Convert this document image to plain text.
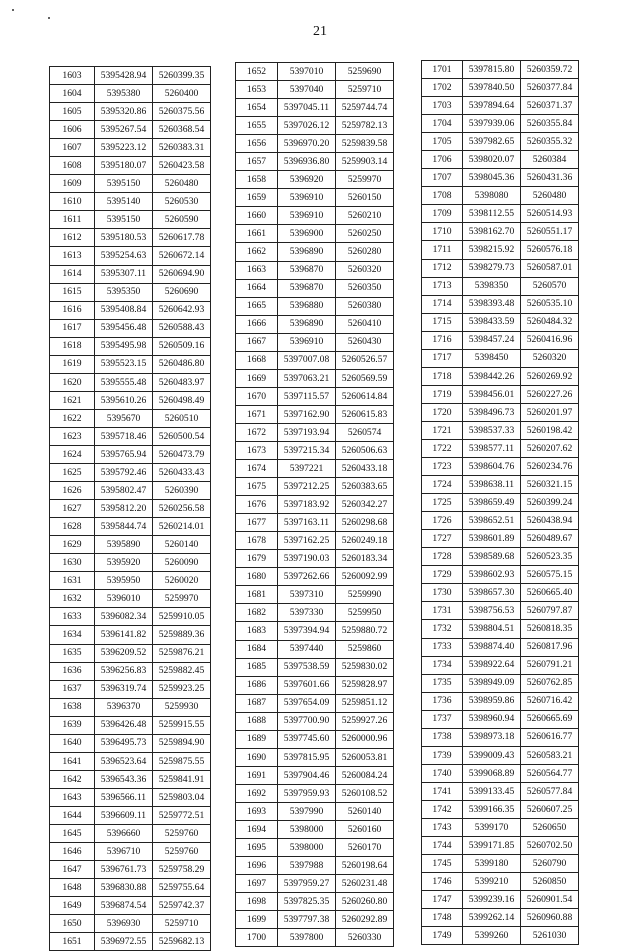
21
1603	5395428.94	5260399.35
1604	5395380	5260400
1605	5395320.86	5260375.56
1606	5395267.54	5260368.54
1607	5395223.12	5260383.31
1608	5395180.07	5260423.58
1609	5395150	5260480
1610	5395140	5260530
1611	5395150	5260590
1612	5395180.53	5260617.78
1613	5395254.63	5260672.14
1614	5395307.11	5260694.90
1615	5395350	5260690
1616	5395408.84	5260642.93
1617	5395456.48	5260588.43
1618	5395495.98	5260509.16
1619	5395523.15	5260486.80
1620	5395555.48	5260483.97
1621	5395610.26	5260498.49
1622	5395670	5260510
1623	5395718.46	5260500.54
1624	5395765.94	5260473.79
1625	5395792.46	5260433.43
1626	5395802.47	5260390
1627	5395812.20	5260256.58
1628	5395844.74	5260214.01
1629	5395890	5260140
1630	5395920	5260090
1631	5395950	5260020
1632	5396010	5259970
1633	5396082.34	5259910.05
1634	5396141.82	5259889.36
1635	5396209.52	5259876.21
1636	5396256.83	5259882.45
1637	5396319.74	5259923.25
1638	5396370	5259930
1639	5396426.48	5259915.55
1640	5396495.73	5259894.90
1641	5396523.64	5259875.55
1642	5396543.36	5259841.91
1643	5396566.11	5259803.04
1644	5396609.11	5259772.51
1645	5396660	5259760
1646	5396710	5259760
1647	5396761.73	5259758.29
1648	5396830.88	5259755.64
1649	5396874.54	5259742.37
1650	5396930	5259710
1651	5396972.55	5259682.13
1652	5397010	5259690
1653	5397040	5259710
1654	5397045.11	5259744.74
1655	5397026.12	5259782.13
1656	5396970.20	5259839.58
1657	5396936.80	5259903.14
1658	5396920	5259970
1659	5396910	5260150
1660	5396910	5260210
1661	5396900	5260250
1662	5396890	5260280
1663	5396870	5260320
1664	5396870	5260350
1665	5396880	5260380
1666	5396890	5260410
1667	5396910	5260430
1668	5397007.08	5260526.57
1669	5397063.21	5260569.59
1670	5397115.57	5260614.84
1671	5397162.90	5260615.83
1672	5397193.94	5260574
1673	5397215.34	5260506.63
1674	5397221	5260433.18
1675	5397212.25	5260383.65
1676	5397183.92	5260342.27
1677	5397163.11	5260298.68
1678	5397162.25	5260249.18
1679	5397190.03	5260183.34
1680	5397262.66	5260092.99
1681	5397310	5259990
1682	5397330	5259950
1683	5397394.94	5259880.72
1684	5397440	5259860
1685	5397538.59	5259830.02
1686	5397601.66	5259828.97
1687	5397654.09	5259851.12
1688	5397700.90	5259927.26
1689	5397745.60	5260000.96
1690	5397815.95	5260053.81
1691	5397904.46	5260084.24
1692	5397959.93	5260108.52
1693	5397990	5260140
1694	5398000	5260160
1695	5398000	5260170
1696	5397988	5260198.64
1697	5397959.27	5260231.48
1698	5397825.35	5260260.80
1699	5397797.38	5260292.89
1700	5397800	5260330
1701	5397815.80	5260359.72
1702	5397840.50	5260377.84
1703	5397894.64	5260371.37
1704	5397939.06	5260355.84
1705	5397982.65	5260355.32
1706	5398020.07	5260384
1707	5398045.36	5260431.36
1708	5398080	5260480
1709	5398112.55	5260514.93
1710	5398162.70	5260551.17
1711	5398215.92	5260576.18
1712	5398279.73	5260587.01
1713	5398350	5260570
1714	5398393.48	5260535.10
1715	5398433.59	5260484.32
1716	5398457.24	5260416.96
1717	5398450	5260320
1718	5398442.26	5260269.92
1719	5398456.01	5260227.26
1720	5398496.73	5260201.97
1721	5398537.33	5260198.42
1722	5398577.11	5260207.62
1723	5398604.76	5260234.76
1724	5398638.11	5260321.15
1725	5398659.49	5260399.24
1726	5398652.51	5260438.94
1727	5398601.89	5260489.67
1728	5398589.68	5260523.35
1729	5398602.93	5260575.15
1730	5398657.30	5260665.40
1731	5398756.53	5260797.87
1732	5398804.51	5260818.35
1733	5398874.40	5260817.96
1734	5398922.64	5260791.21
1735	5398949.09	5260762.85
1736	5398959.86	5260716.42
1737	5398960.94	5260665.69
1738	5398973.18	5260616.77
1739	5399009.43	5260583.21
1740	5399068.89	5260564.77
1741	5399133.45	5260577.84
1742	5399166.35	5260607.25
1743	5399170	5260650
1744	5399171.85	5260702.50
1745	5399180	5260790
1746	5399210	5260850
1747	5399239.16	5260901.54
1748	5399262.14	5260960.88
1749	5399260	5261030
